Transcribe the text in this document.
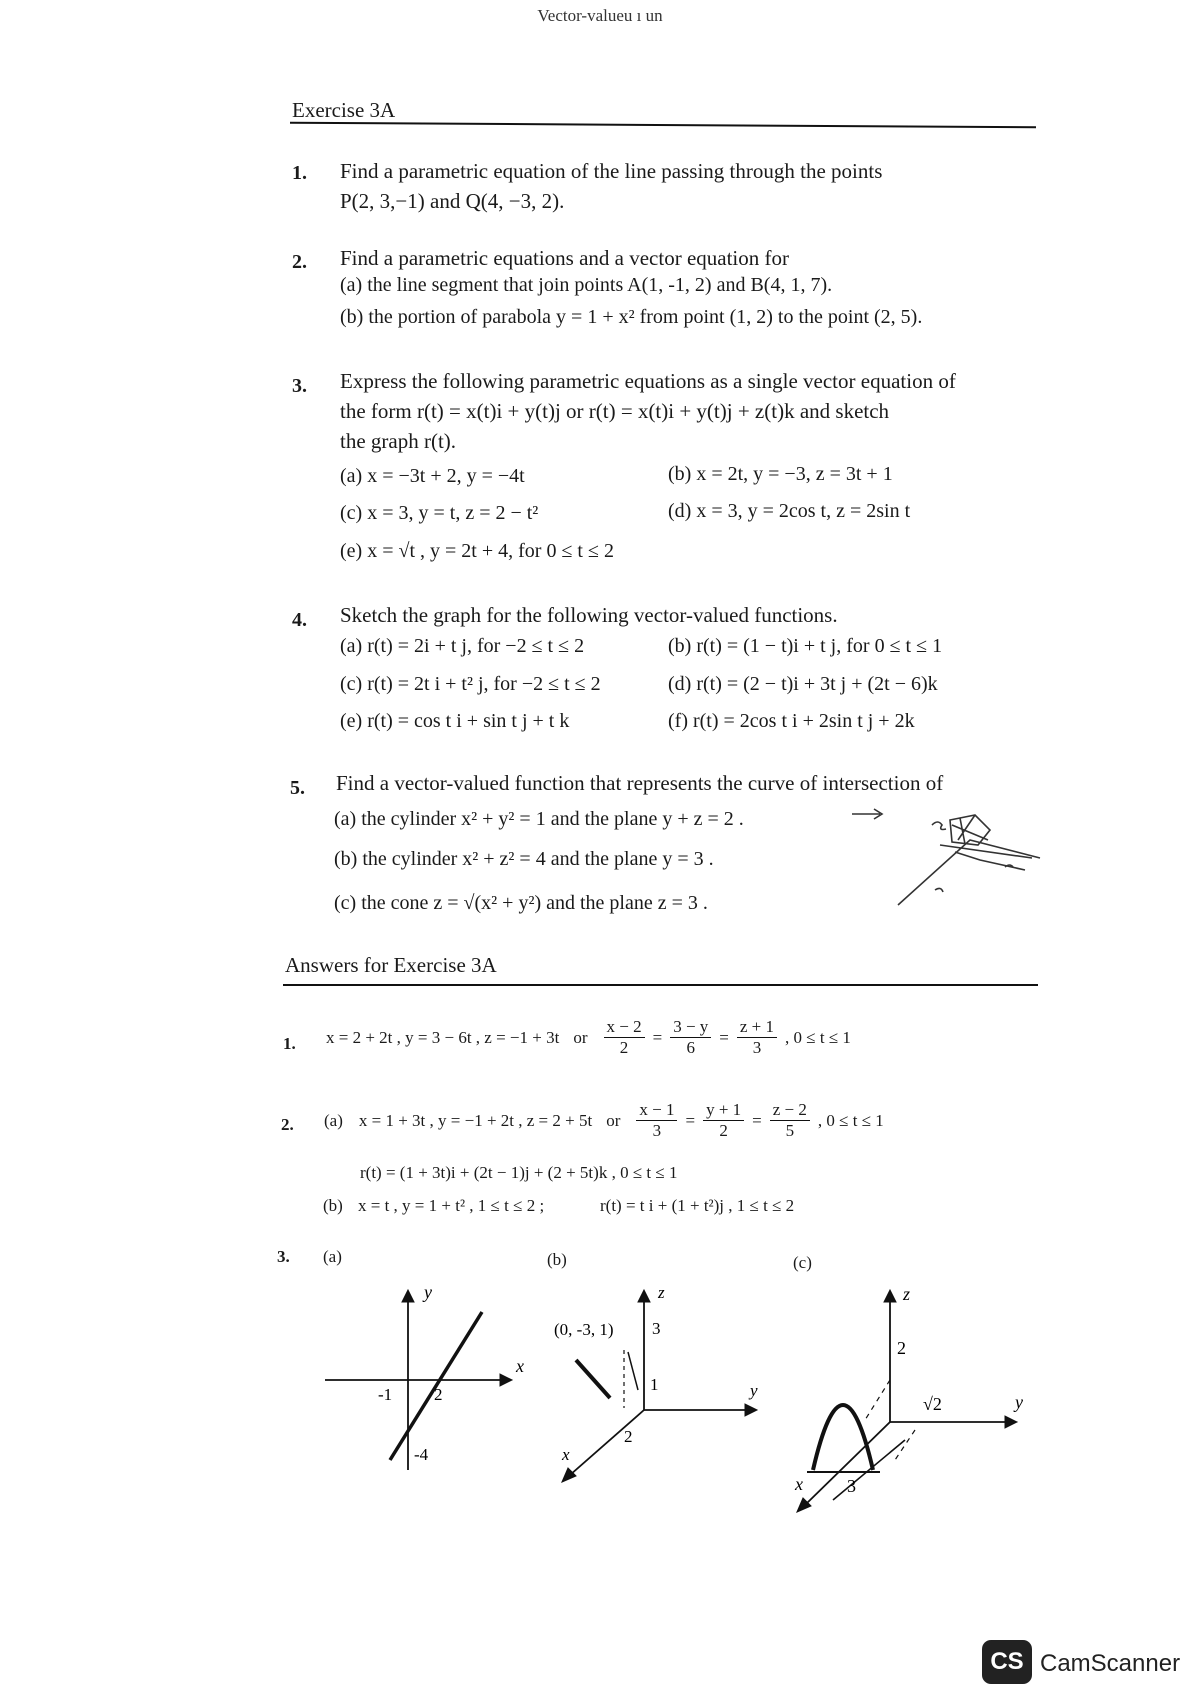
Vector-valueu ı un
Exercise 3A
1. Find a parametric equation of the line passing through the points
P(2, 3,−1) and Q(4, −3, 2).
2. Find a parametric equations and a vector equation for
(a) the line segment that join points A(1, -1, 2) and B(4, 1, 7).
(b) the portion of parabola y = 1 + x² from point (1, 2) to the point (2, 5).
3. Express the following parametric equations as a single vector equation of
the form r(t) = x(t)i + y(t)j or r(t) = x(t)i + y(t)j + z(t)k and sketch
the graph r(t).
(a) x = −3t + 2, y = −4t	(b) x = 2t, y = −3, z = 3t + 1
(c) x = 3, y = t, z = 2 − t²	(d) x = 3, y = 2cos t, z = 2sin t
(e) x = √t , y = 2t + 4, for 0 ≤ t ≤ 2
4. Sketch the graph for the following vector-valued functions.
(a) r(t) = 2i + t j, for −2 ≤ t ≤ 2	(b) r(t) = (1 − t)i + t j, for 0 ≤ t ≤ 1
(c) r(t) = 2t i + t² j, for −2 ≤ t ≤ 2	(d) r(t) = (2 − t)i + 3t j + (2t − 6)k
(e) r(t) = cos t i + sin t j + t k	(f) r(t) = 2cos t i + 2sin t j + 2k
5. Find a vector-valued function that represents the curve of intersection of
(a) the cylinder x² + y² = 1 and the plane y + z = 2 .
(b) the cylinder x² + z² = 4 and the plane y = 3 .
(c) the cone z = √(x² + y²) and the plane z = 3 .
Answers for Exercise 3A
1. x = 2 + 2t , y = 3 − 6t , z = −1 + 3t or $\frac{x - 2}{2} = \frac{3 - y}{6} = \frac{z + 1}{3}$ , 0 ≤ t ≤ 1
2. (a) x = 1 + 3t , y = −1 + 2t , z = 2 + 5t or $\frac{x - 1}{3} = \frac{y + 1}{2} = \frac{z - 2}{5}$ , 0 ≤ t ≤ 1
r(t) = (1 + 3t)i + (2t − 1)j + (2 + 5t)k , 0 ≤ t ≤ 1
(b) x = t , y = 1 + t² , 1 ≤ t ≤ 2 ;	r(t) = t i + (1 + t²)j , 1 ≤ t ≤ 2
3. (a)	(b)	(c)
y
x
-1 2
-4
z
y
x
(0, -3, 1) 3
1
2
z
y
x
2
√2
3
CS CamScanner
